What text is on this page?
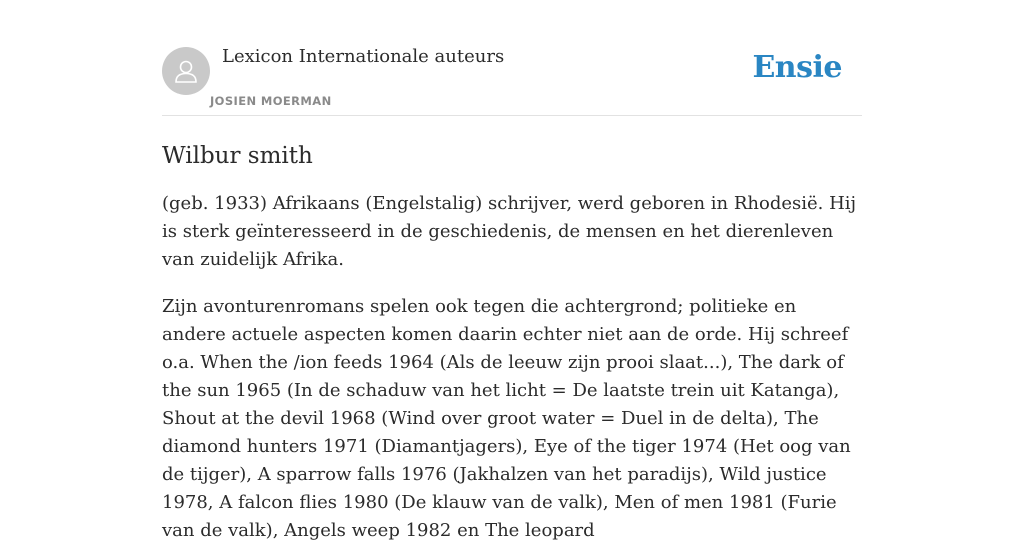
Lexicon Internationale auteurs
JOSIEN MOERMAN
Ensie
Wilbur smith

(geb. 1933) Afrikaans (Engelstalig) schrijver, werd geboren in Rhodesië. Hij is sterk geïnteresseerd in de geschiedenis, de mensen en het dierenleven van zuidelijk Afrika.

Zijn avonturenromans spelen ook tegen die achtergrond; politieke en andere actuele aspecten komen daarin echter niet aan de orde. Hij schreef o.a. When the /ion feeds 1964 (Als de leeuw zijn prooi slaat...), The dark of the sun 1965 (In de schaduw van het licht = De laatste trein uit Katanga), Shout at the devil 1968 (Wind over groot water = Duel in de delta), The diamond hunters 1971 (Diamantjagers), Eye of the tiger 1974 (Het oog van de tijger), A sparrow falls 1976 (Jakhalzen van het paradijs), Wild justice 1978, A falcon flies 1980 (De klauw van de valk), Men of men 1981 (Furie van de valk), Angels weep 1982 en The leopard
